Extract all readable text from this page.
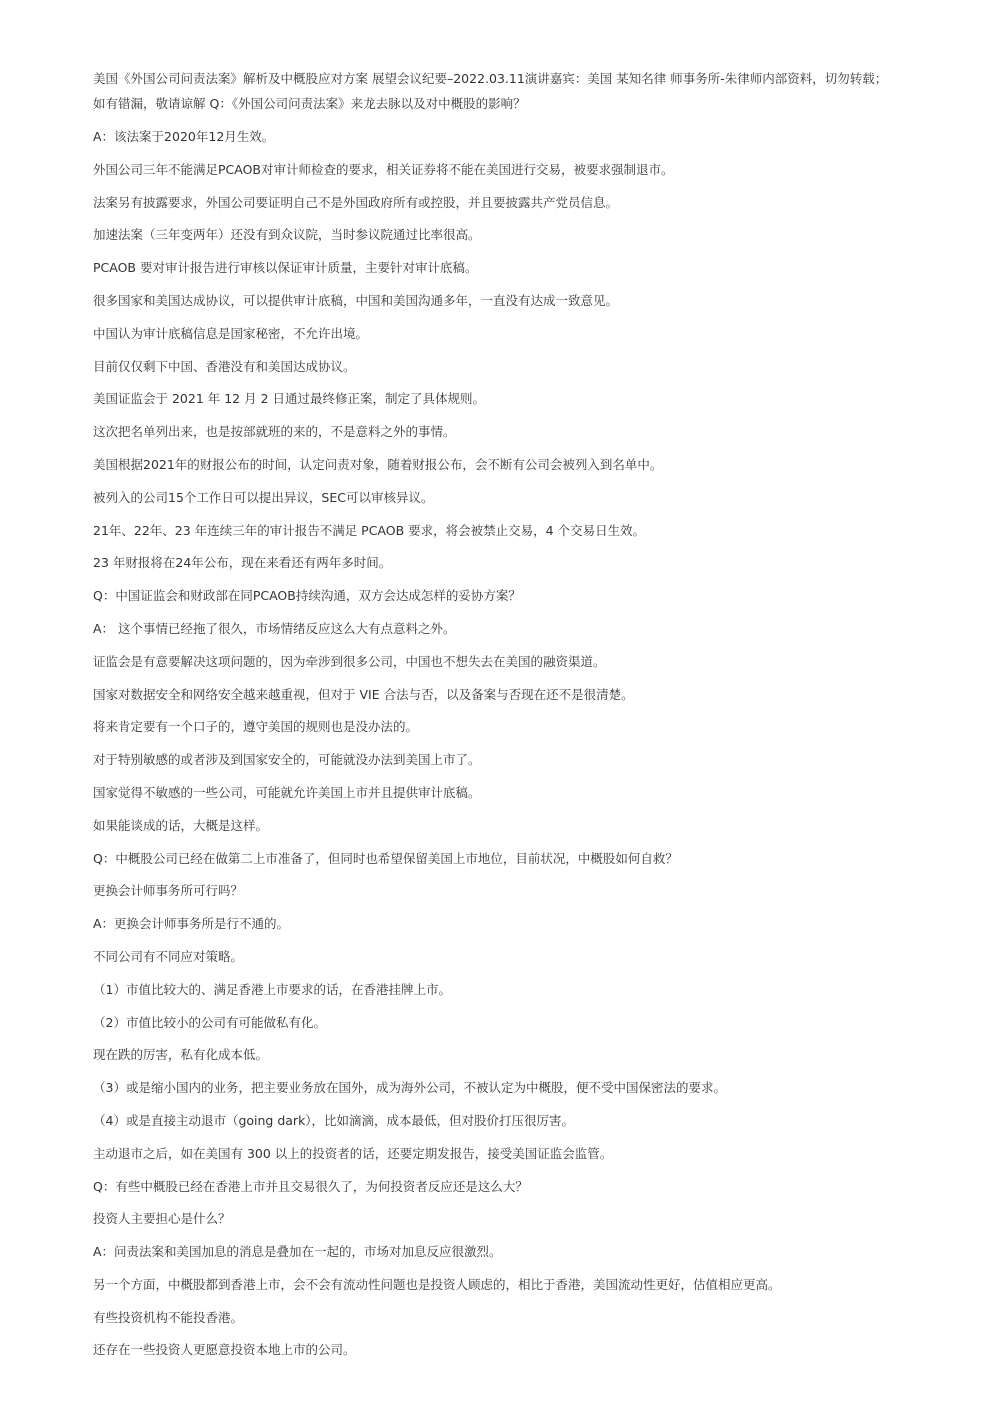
美国《外国公司问责法案》解析及中概股应对方案 展望会议纪要–2022.03.11演讲嘉宾：美国 某知名律 师事务所-朱律师内部资料，切勿转载；
如有错漏，敬请谅解 Q：《外国公司问责法案》来龙去脉以及对中概股的影响？

A：该法案于2020年12月生效。

外国公司三年不能满足PCAOB对审计师检查的要求，相关证券将不能在美国进行交易，被要求强制退市。

法案另有披露要求，外国公司要证明自己不是外国政府所有或控股，并且要披露共产党员信息。

加速法案（三年变两年）还没有到众议院，当时参议院通过比率很高。

PCAOB 要对审计报告进行审核以保证审计质量，主要针对审计底稿。

很多国家和美国达成协议，可以提供审计底稿，中国和美国沟通多年，一直没有达成一致意见。

中国认为审计底稿信息是国家秘密，不允许出境。

目前仅仅剩下中国、香港没有和美国达成协议。

美国证监会于 2021 年 12 月 2 日通过最终修正案，制定了具体规则。

这次把名单列出来，也是按部就班的来的，不是意料之外的事情。

美国根据2021年的财报公布的时间，认定问责对象，随着财报公布，会不断有公司会被列入到名单中。

被列入的公司15个工作日可以提出异议，SEC可以审核异议。

21年、22年、23 年连续三年的审计报告不满足 PCAOB 要求，将会被禁止交易，4 个交易日生效。

23 年财报将在24年公布，现在来看还有两年多时间。

Q：中国证监会和财政部在同PCAOB持续沟通，双方会达成怎样的妥协方案？

A： 这个事情已经拖了很久，市场情绪反应这么大有点意料之外。

证监会是有意要解决这项问题的，因为牵涉到很多公司，中国也不想失去在美国的融资渠道。

国家对数据安全和网络安全越来越重视，但对于 VIE 合法与否，以及备案与否现在还不是很清楚。

将来肯定要有一个口子的，遵守美国的规则也是没办法的。

对于特别敏感的或者涉及到国家安全的，可能就没办法到美国上市了。

国家觉得不敏感的一些公司，可能就允许美国上市并且提供审计底稿。

如果能谈成的话，大概是这样。

Q：中概股公司已经在做第二上市准备了，但同时也希望保留美国上市地位，目前状况，中概股如何自救？

更换会计师事务所可行吗？

A：更换会计师事务所是行不通的。

不同公司有不同应对策略。

（1）市值比较大的、满足香港上市要求的话，在香港挂牌上市。

（2）市值比较小的公司有可能做私有化。

现在跌的厉害，私有化成本低。

（3）或是缩小国内的业务，把主要业务放在国外，成为海外公司，不被认定为中概股，便不受中国保密法的要求。

（4）或是直接主动退市（going dark），比如滴滴，成本最低，但对股价打压很厉害。

主动退市之后，如在美国有 300 以上的投资者的话，还要定期发报告，接受美国证监会监管。

Q：有些中概股已经在香港上市并且交易很久了，为何投资者反应还是这么大？

投资人主要担心是什么？

A：问责法案和美国加息的消息是叠加在一起的，市场对加息反应很激烈。

另一个方面，中概股都到香港上市，会不会有流动性问题也是投资人顾虑的，相比于香港，美国流动性更好，估值相应更高。

有些投资机构不能投香港。

还存在一些投资人更愿意投资本地上市的公司。
